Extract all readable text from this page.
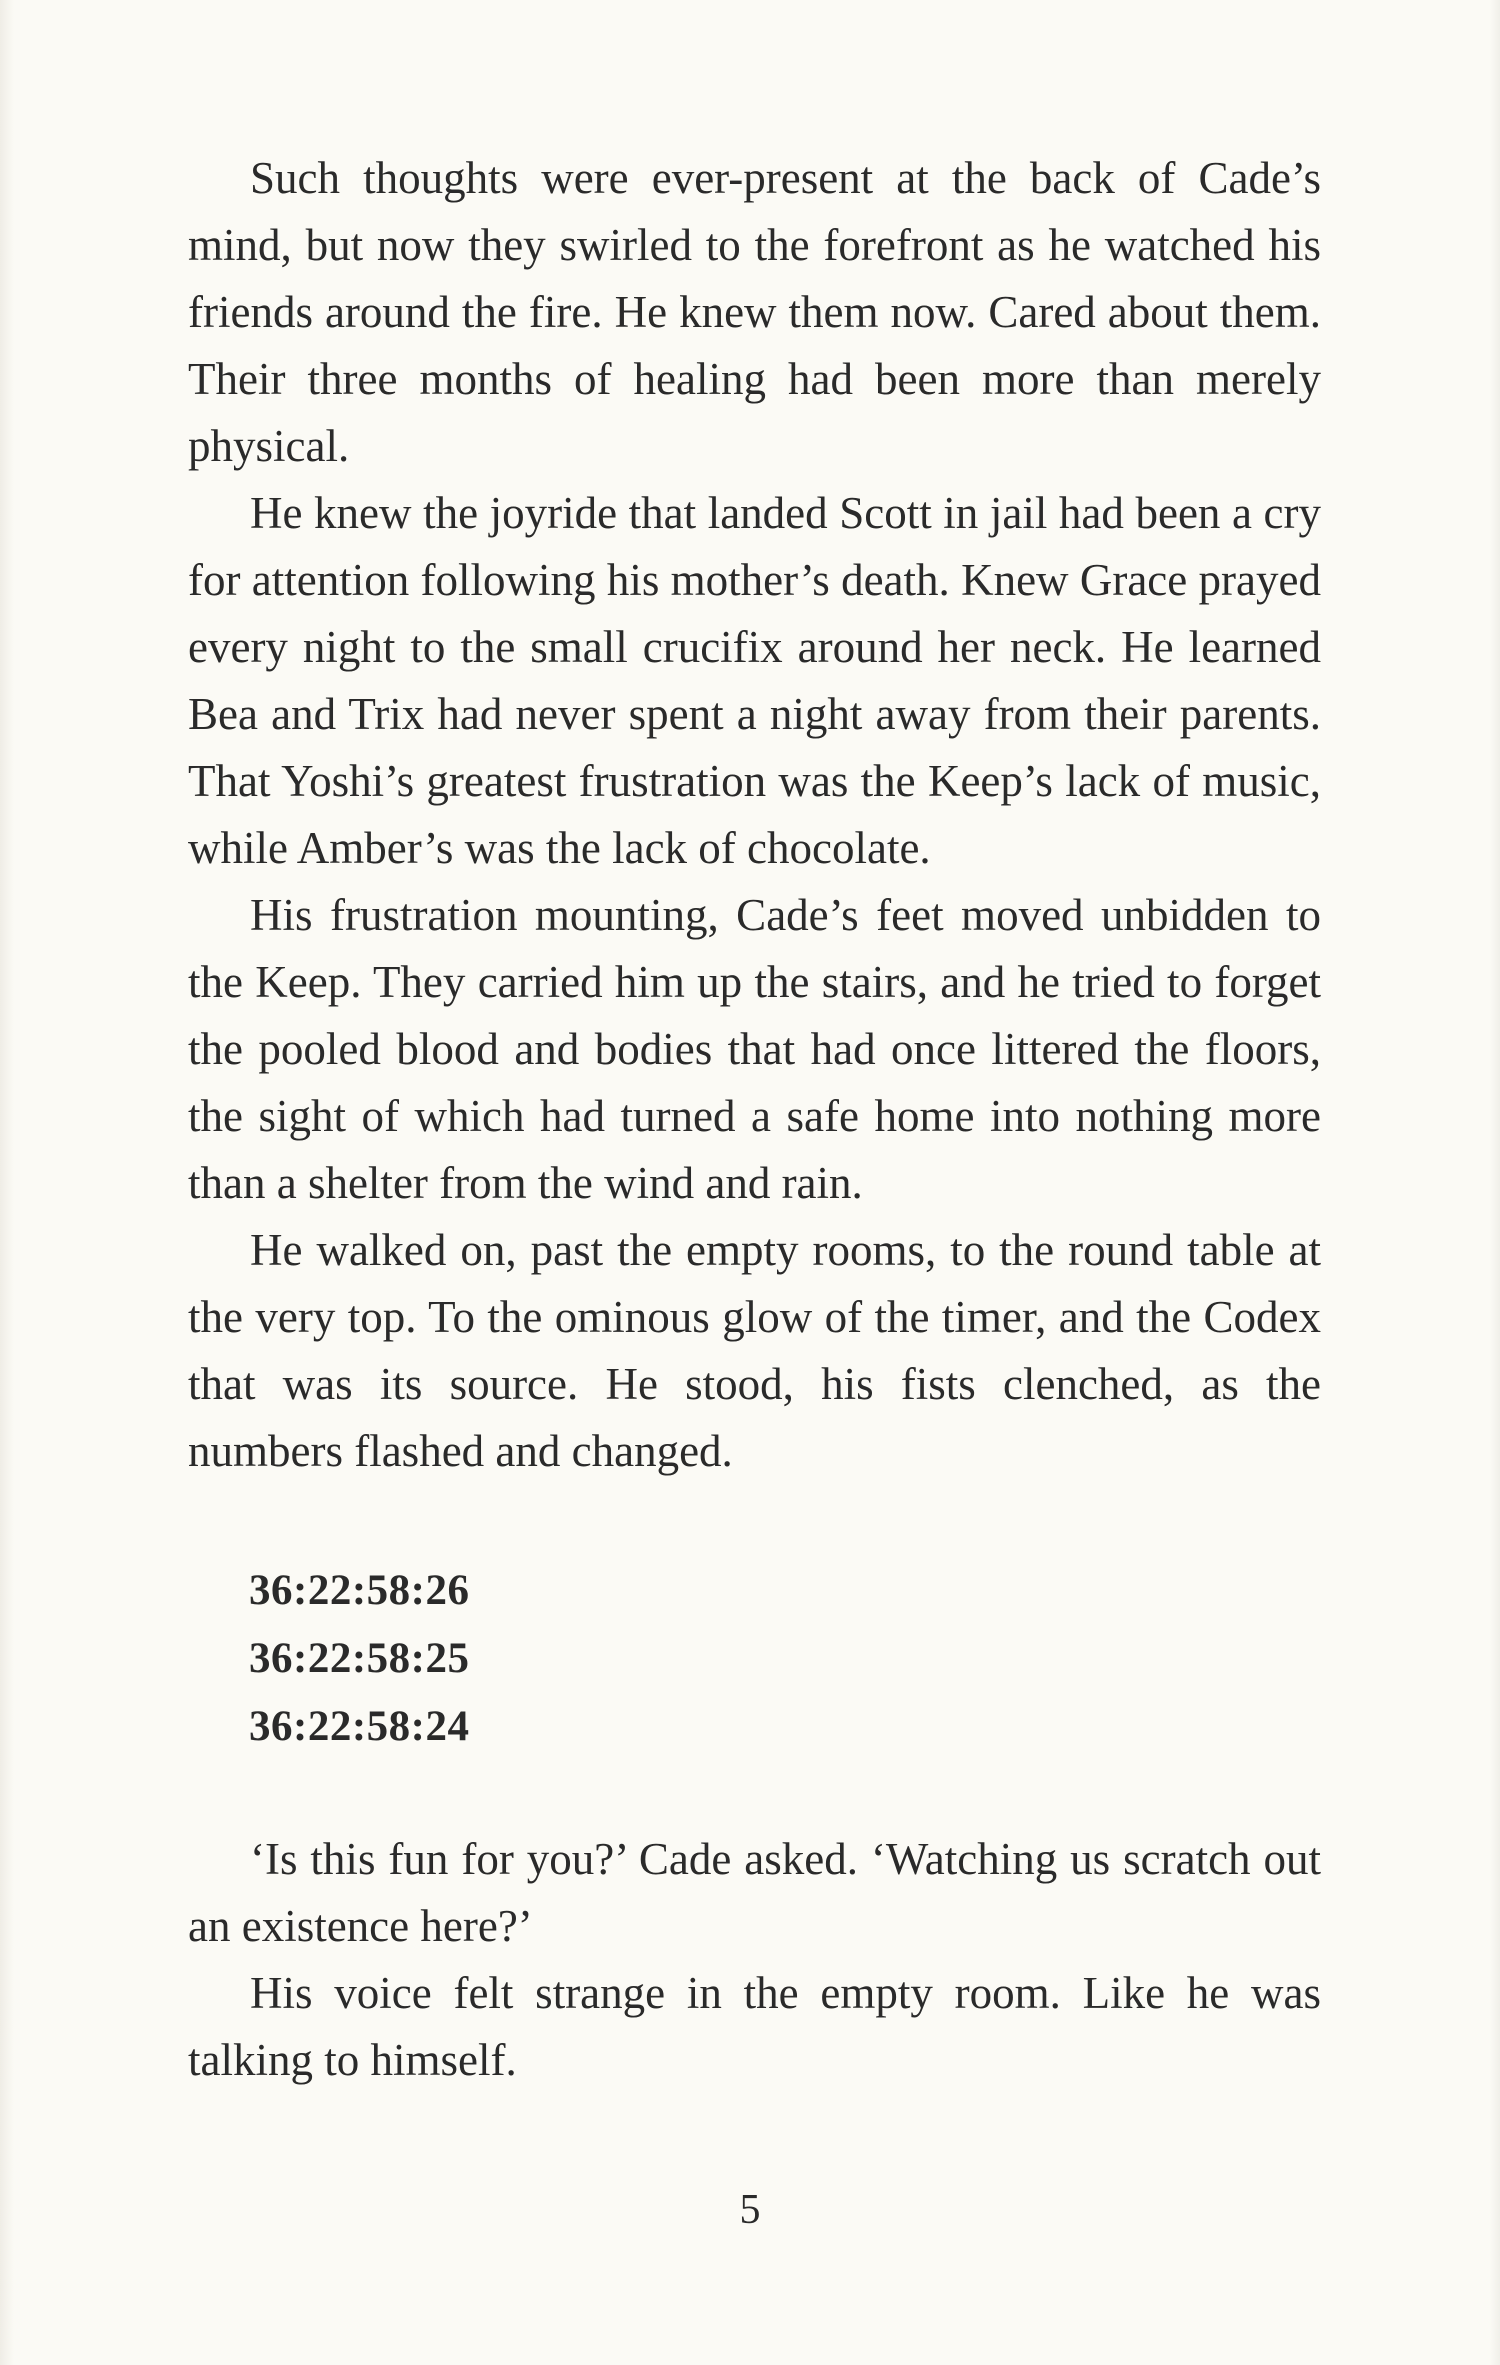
Such thoughts were ever-present at the back of Cade’s mind, but now they swirled to the forefront as he watched his friends around the fire. He knew them now. Cared about them. Their three months of healing had been more than merely physical.

He knew the joyride that landed Scott in jail had been a cry for attention following his mother’s death. Knew Grace prayed every night to the small crucifix around her neck. He learned Bea and Trix had never spent a night away from their parents. That Yoshi’s greatest frustration was the Keep’s lack of music, while Amber’s was the lack of chocolate.

His frustration mounting, Cade’s feet moved unbidden to the Keep. They carried him up the stairs, and he tried to forget the pooled blood and bodies that had once littered the floors, the sight of which had turned a safe home into nothing more than a shelter from the wind and rain.

He walked on, past the empty rooms, to the round table at the very top. To the ominous glow of the timer, and the Codex that was its source. He stood, his fists clenched, as the numbers flashed and changed.

36:22:58:26
36:22:58:25
36:22:58:24

‘Is this fun for you?’ Cade asked. ‘Watching us scratch out an existence here?’

His voice felt strange in the empty room. Like he was talking to himself.

5
